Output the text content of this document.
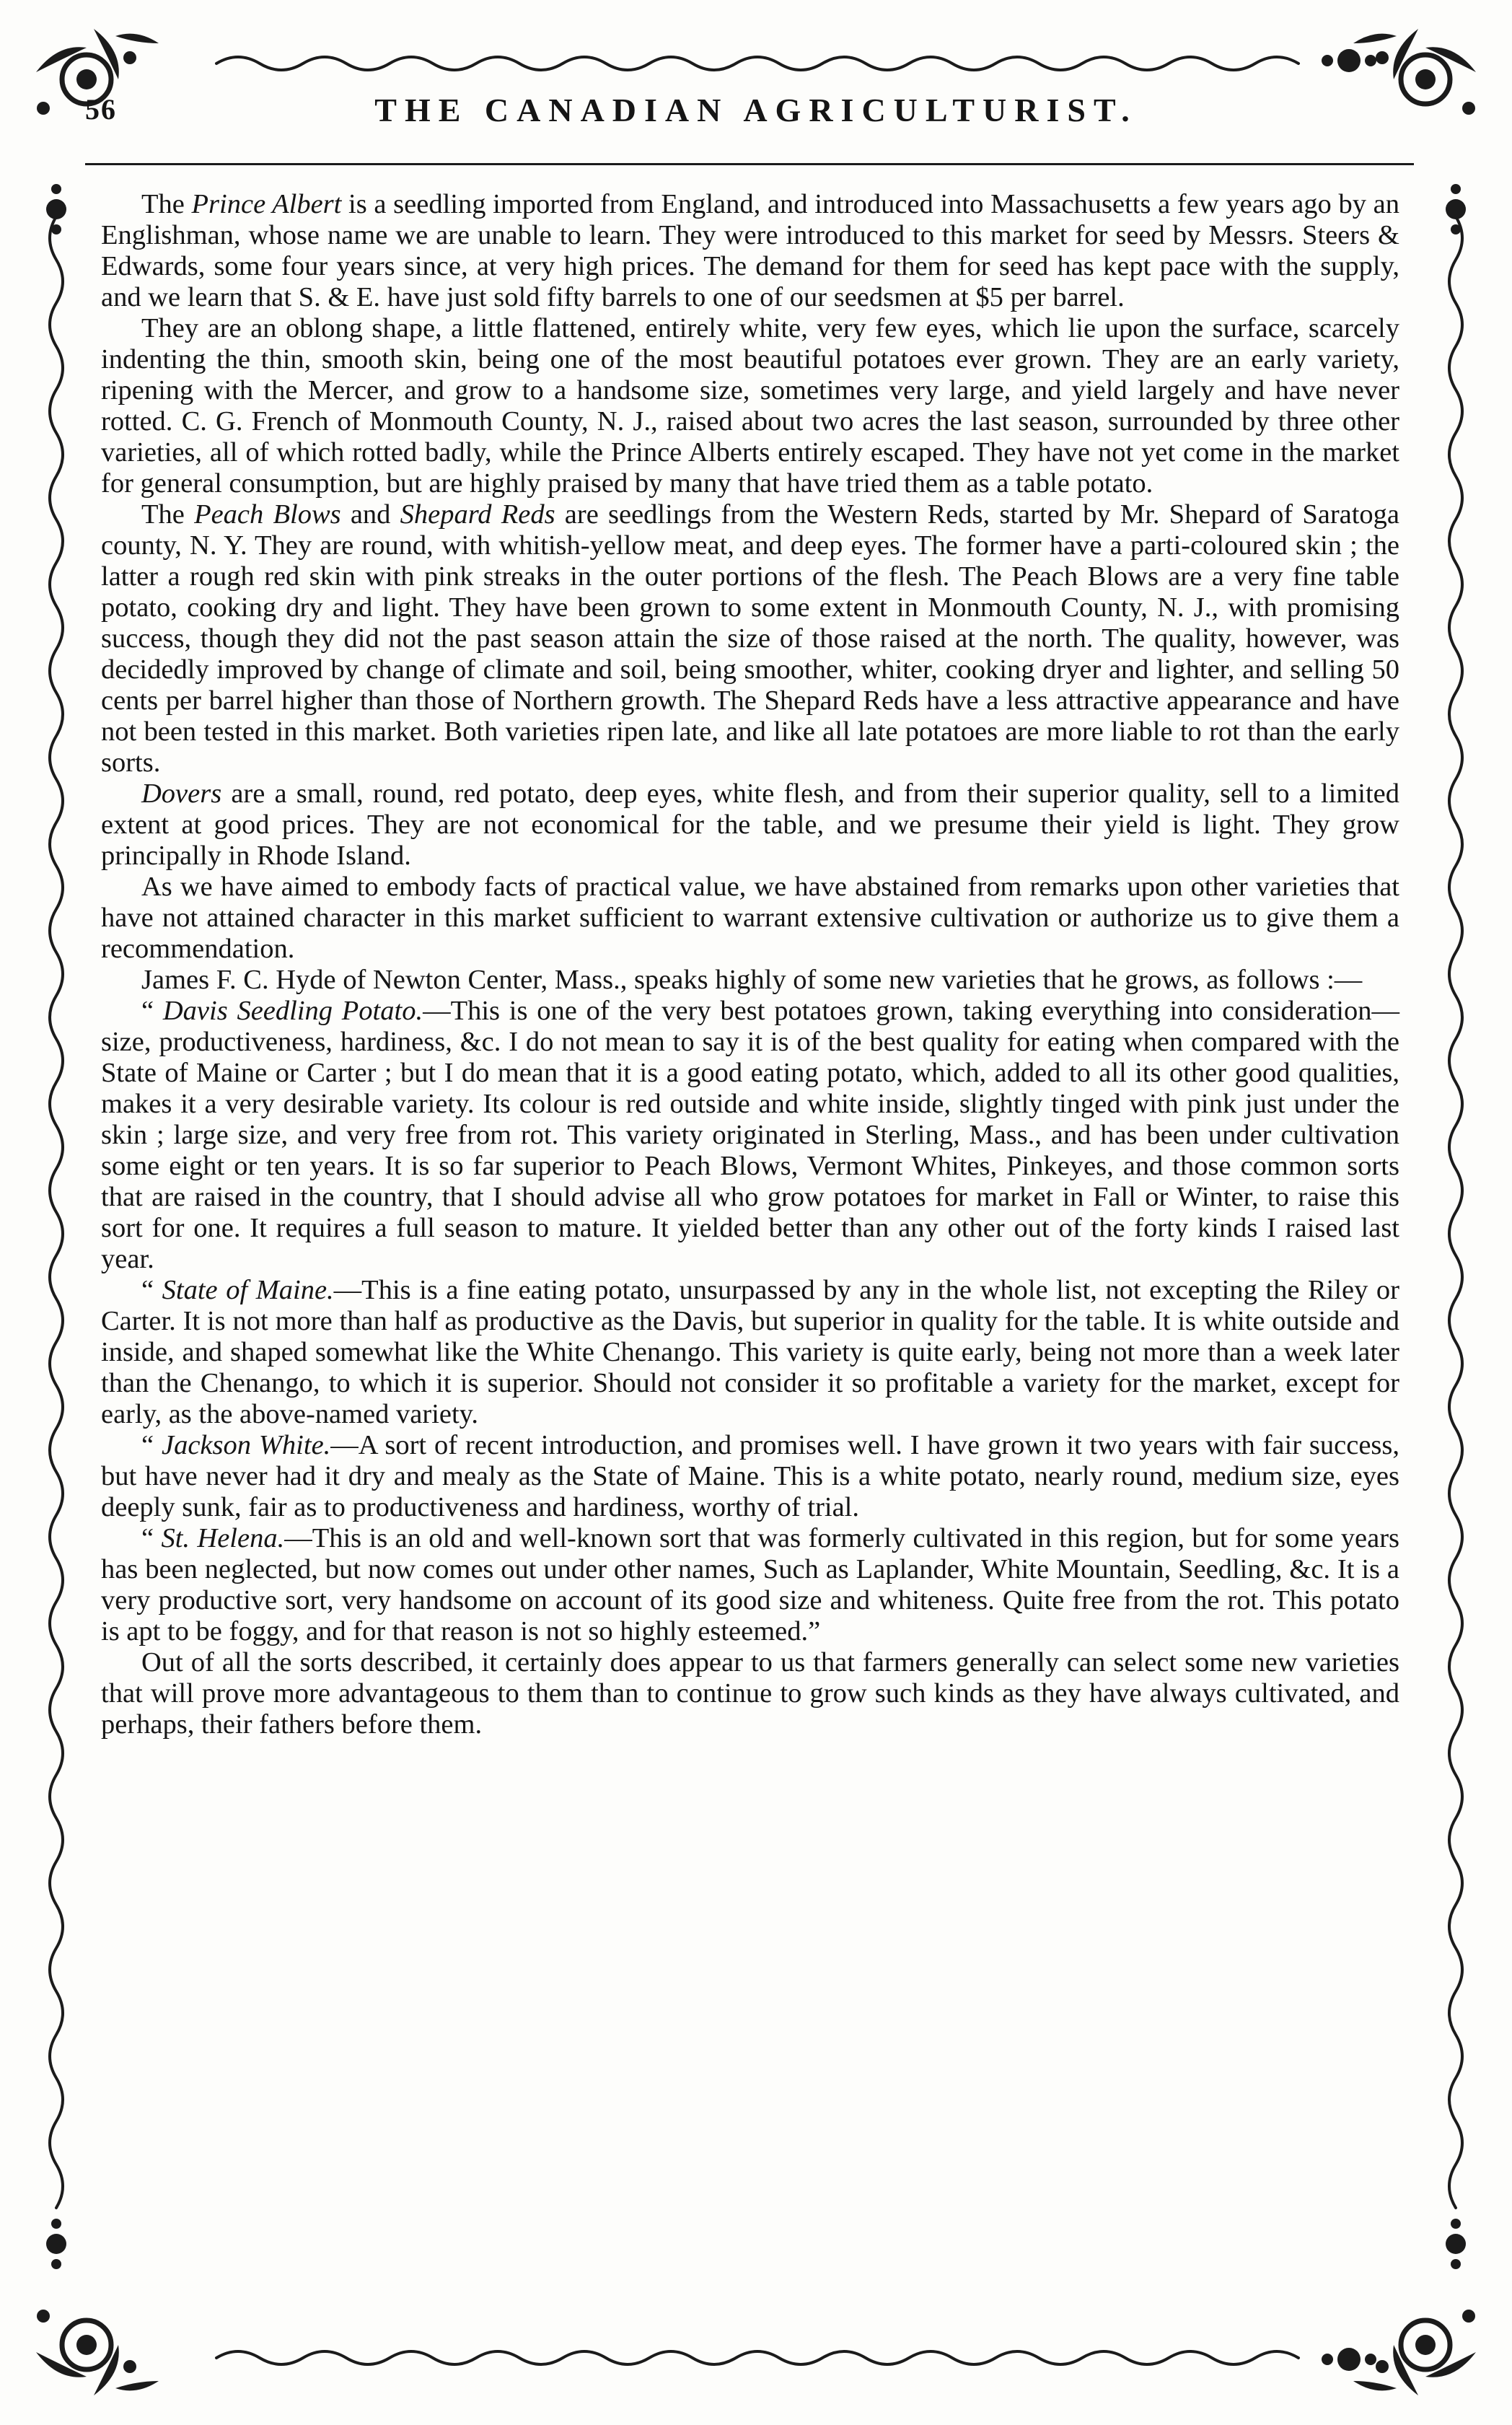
56	THE CANADIAN AGRICULTURIST.

The Prince Albert is a seedling imported from England, and introduced into Massachusetts a few years ago by an Englishman, whose name we are unable to learn. They were introduced to this market for seed by Messrs. Steers & Edwards, some four years since, at very high prices. The demand for them for seed has kept pace with the supply, and we learn that S. & E. have just sold fifty barrels to one of our seedsmen at $5 per barrel.

They are an oblong shape, a little flattened, entirely white, very few eyes, which lie upon the surface, scarcely indenting the thin, smooth skin, being one of the most beautiful potatoes ever grown. They are an early variety, ripening with the Mercer, and grow to a handsome size, sometimes very large, and yield largely and have never rotted. C. G. French of Monmouth County, N. J., raised about two acres the last season, surrounded by three other varieties, all of which rotted badly, while the Prince Alberts entirely escaped. They have not yet come in the market for general consumption, but are highly praised by many that have tried them as a table potato.

The Peach Blows and Shepard Reds are seedlings from the Western Reds, started by Mr. Shepard of Saratoga county, N. Y. They are round, with whitish-yellow meat, and deep eyes. The former have a parti-coloured skin ; the latter a rough red skin with pink streaks in the outer portions of the flesh. The Peach Blows are a very fine table potato, cooking dry and light. They have been grown to some extent in Monmouth County, N. J., with promising success, though they did not the past season attain the size of those raised at the north. The quality, however, was decidedly improved by change of climate and soil, being smoother, whiter, cooking dryer and lighter, and selling 50 cents per barrel higher than those of Northern growth. The Shepard Reds have a less attractive appearance and have not been tested in this market. Both varieties ripen late, and like all late potatoes are more liable to rot than the early sorts.

Dovers are a small, round, red potato, deep eyes, white flesh, and from their superior quality, sell to a limited extent at good prices. They are not economical for the table, and we presume their yield is light. They grow principally in Rhode Island.

As we have aimed to embody facts of practical value, we have abstained from remarks upon other varieties that have not attained character in this market sufficient to warrant extensive cultivation or authorize us to give them a recommendation.

James F. C. Hyde of Newton Center, Mass., speaks highly of some new varieties that he grows, as follows :—

“ Davis Seedling Potato.—This is one of the very best potatoes grown, taking everything into consideration—size, productiveness, hardiness, &c. I do not mean to say it is of the best quality for eating when compared with the State of Maine or Carter ; but I do mean that it is a good eating potato, which, added to all its other good qualities, makes it a very desirable variety. Its colour is red outside and white inside, slightly tinged with pink just under the skin ; large size, and very free from rot. This variety originated in Sterling, Mass., and has been under cultivation some eight or ten years. It is so far superior to Peach Blows, Vermont Whites, Pinkeyes, and those common sorts that are raised in the country, that I should advise all who grow potatoes for market in Fall or Winter, to raise this sort for one. It requires a full season to mature. It yielded better than any other out of the forty kinds I raised last year.

“ State of Maine.—This is a fine eating potato, unsurpassed by any in the whole list, not excepting the Riley or Carter. It is not more than half as productive as the Davis, but superior in quality for the table. It is white outside and inside, and shaped somewhat like the White Chenango. This variety is quite early, being not more than a week later than the Chenango, to which it is superior. Should not consider it so profitable a variety for the market, except for early, as the above-named variety.

“ Jackson White.—A sort of recent introduction, and promises well. I have grown it two years with fair success, but have never had it dry and mealy as the State of Maine. This is a white potato, nearly round, medium size, eyes deeply sunk, fair as to productiveness and hardiness, worthy of trial.

“ St. Helena.—This is an old and well-known sort that was formerly cultivated in this region, but for some years has been neglected, but now comes out under other names, Such as Laplander, White Mountain, Seedling, &c. It is a very productive sort, very handsome on account of its good size and whiteness. Quite free from the rot. This potato is apt to be foggy, and for that reason is not so highly esteemed.”

Out of all the sorts described, it certainly does appear to us that farmers generally can select some new varieties that will prove more advantageous to them than to continue to grow such kinds as they have always cultivated, and perhaps, their fathers before them.
